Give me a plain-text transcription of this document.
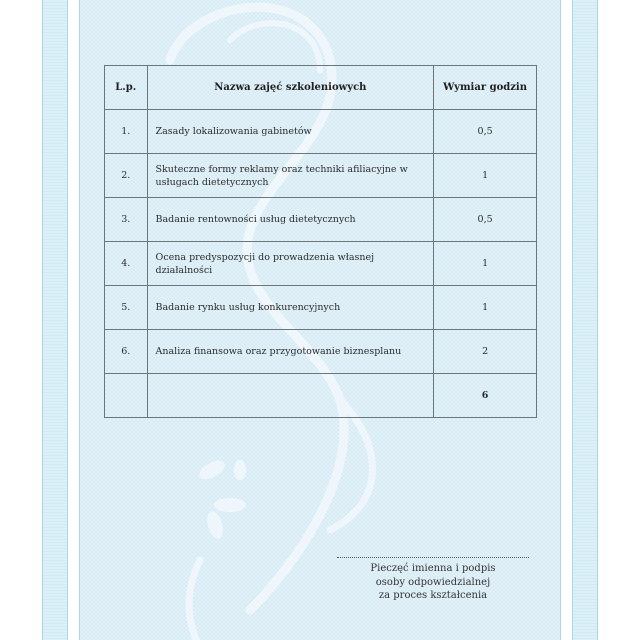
L.p.	Nazwa zajęć szkoleniowych	Wymiar godzin
1.	Zasady lokalizowania gabinetów	0,5
2.	Skuteczne formy reklamy oraz techniki afiliacyjne w usługach dietetycznych	1
3.	Badanie rentowności usług dietetycznych	0,5
4.	Ocena predyspozycji do prowadzenia własnej działalności	1
5.	Badanie rynku usług konkurencyjnych	1
6.	Analiza finansowa oraz przygotowanie biznesplanu	2
		6
Pieczęć imienna i podpis
osoby odpowiedzialnej
za proces kształcenia
